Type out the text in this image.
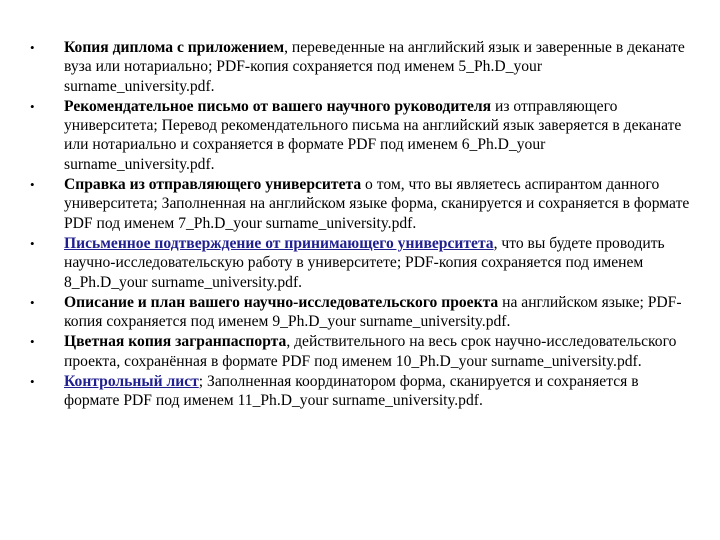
• Копия диплома с приложением, переведенные на английский язык и заверенные в деканате вуза или нотариально; PDF-копия сохраняется под именем 5_Ph.D_your surname_university.pdf.
• Рекомендательное письмо от вашего научного руководителя из отправляющего университета; Перевод рекомендательного письма на английский язык заверяется в деканате или нотариально и сохраняется в формате PDF под именем 6_Ph.D_your surname_university.pdf.
• Справка из отправляющего университета о том, что вы являетесь аспирантом данного университета; Заполненная на английском языке форма, сканируется и сохраняется в формате PDF под именем 7_Ph.D_your surname_university.pdf.
• Письменное подтверждение от принимающего университета, что вы будете проводить научно-исследовательскую работу в университете; PDF-копия сохраняется под именем 8_Ph.D_your surname_university.pdf.
• Описание и план вашего научно-исследовательского проекта на английском языке; PDF-копия сохраняется под именем 9_Ph.D_your surname_university.pdf.
• Цветная копия загранпаспорта, действительного на весь срок научно-исследовательского проекта, сохранённая в формате PDF под именем 10_Ph.D_your surname_university.pdf.
• Контрольный лист; Заполненная координатором форма, сканируется и сохраняется в формате PDF под именем 11_Ph.D_your surname_university.pdf.
